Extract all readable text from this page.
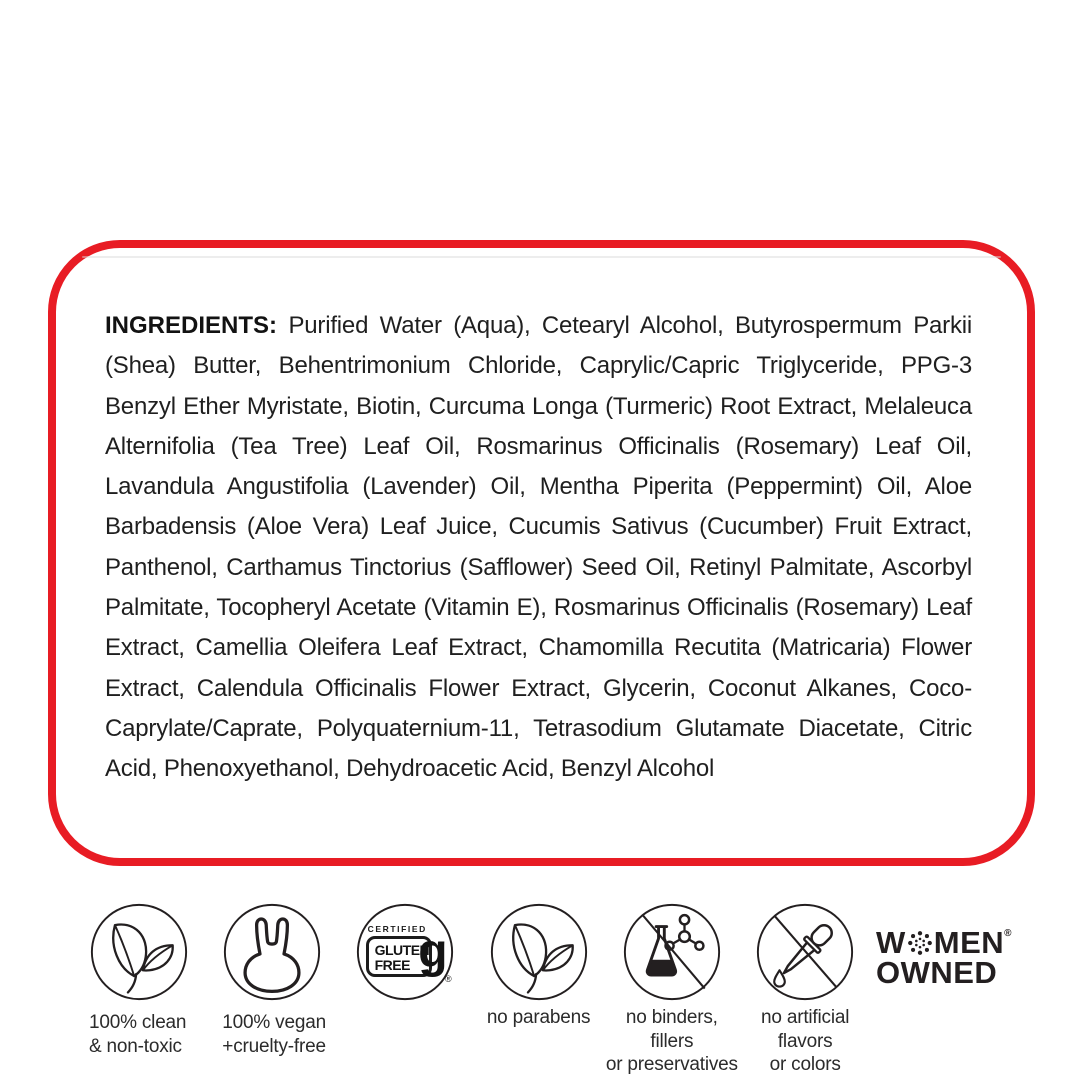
INGREDIENTS: Purified Water (Aqua), Cetearyl Alcohol, Butyrospermum Parkii (Shea) Butter, Behentrimonium Chloride, Caprylic/Capric Triglyceride, PPG-3 Benzyl Ether Myristate, Biotin, Curcuma Longa (Turmeric) Root Extract, Melaleuca Alternifolia (Tea Tree) Leaf Oil, Rosmarinus Officinalis (Rosemary) Leaf Oil, Lavandula Angustifolia (Lavender) Oil, Mentha Piperita (Peppermint) Oil, Aloe Barbadensis (Aloe Vera) Leaf Juice, Cucumis Sativus (Cucumber) Fruit Extract, Panthenol, Carthamus Tinctorius (Safflower) Seed Oil, Retinyl Palmitate, Ascorbyl Palmitate, Tocopheryl Acetate (Vitamin E), Rosmarinus Officinalis (Rosemary) Leaf Extract, Camellia Oleifera Leaf Extract, Chamomilla Recutita (Matricaria) Flower Extract, Calendula Officinalis Flower Extract, Glycerin, Coconut Alkanes, Coco-Caprylate/Caprate, Polyquaternium-11, Tetrasodium Glutamate Diacetate, Citric Acid, Phenoxyethanol, Dehydroacetic Acid, Benzyl Alcohol

100% clean
& non-toxic
100% vegan
+cruelty-free
CERTIFIED
GLUTEN
FREE g
®
no parabens	no binders, fillers
or preservatives
no artificial flavors
or colors
W MEN ®
OWNED
